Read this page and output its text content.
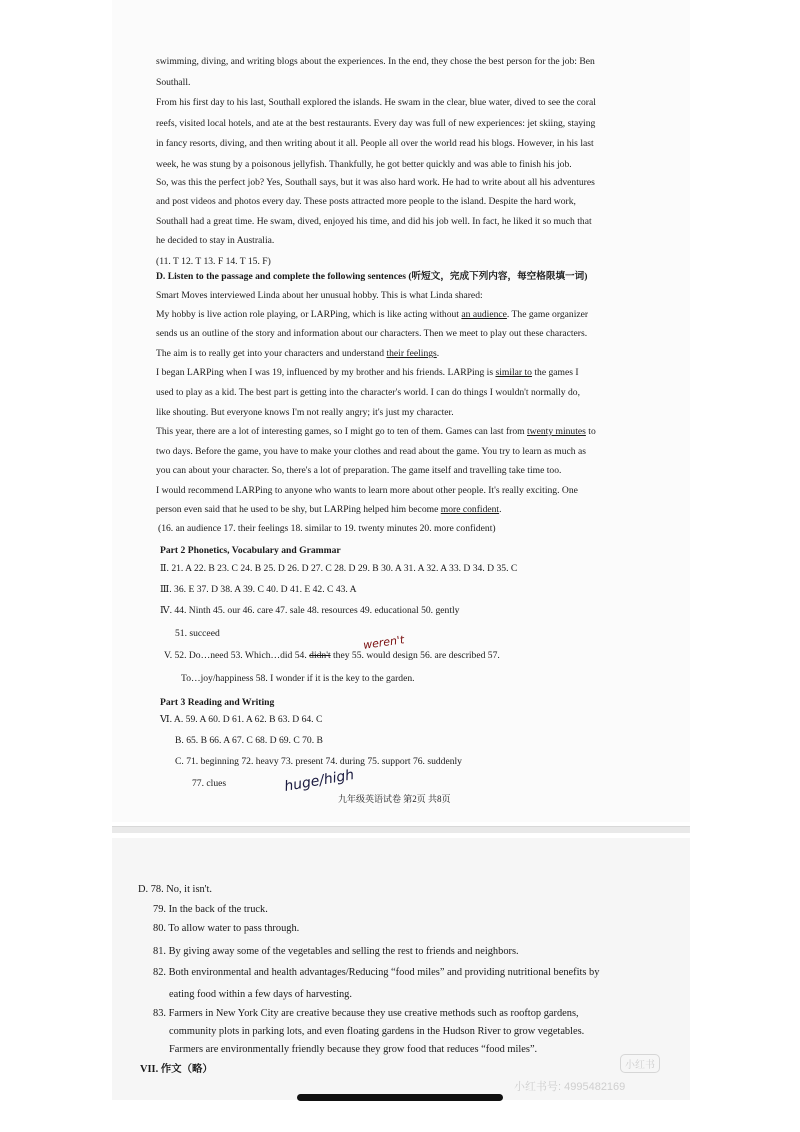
swimming, diving, and writing blogs about the experiences. In the end, they chose the best person for the job: Ben
Southall.
From his first day to his last, Southall explored the islands. He swam in the clear, blue water, dived to see the coral
reefs, visited local hotels, and ate at the best restaurants. Every day was full of new experiences: jet skiing, staying
in fancy resorts, diving, and then writing about it all. People all over the world read his blogs. However, in his last
week, he was stung by a poisonous jellyfish. Thankfully, he got better quickly and was able to finish his job.
So, was this the perfect job? Yes, Southall says, but it was also hard work. He had to write about all his adventures
and post videos and photos every day. These posts attracted more people to the island. Despite the hard work,
Southall had a great time. He swam, dived, enjoyed his time, and did his job well. In fact, he liked it so much that
he decided to stay in Australia.
(11. T 12. T 13. F 14. T 15. F)
D. Listen to the passage and complete the following sentences (听短文，完成下列内容，每空格限填一词)
Smart Moves interviewed Linda about her unusual hobby. This is what Linda shared:
My hobby is live action role playing, or LARPing, which is like acting without an audience. The game organizer
sends us an outline of the story and information about our characters. Then we meet to play out these characters.
The aim is to really get into your characters and understand their feelings.
I began LARPing when I was 19, influenced by my brother and his friends. LARPing is similar to the games I
used to play as a kid. The best part is getting into the character's world. I can do things I wouldn't normally do,
like shouting. But everyone knows I'm not really angry; it's just my character.
This year, there are a lot of interesting games, so I might go to ten of them. Games can last from twenty minutes to
two days. Before the game, you have to make your clothes and read about the game. You try to learn as much as
you can about your character. So, there's a lot of preparation. The game itself and travelling take time too.
I would recommend LARPing to anyone who wants to learn more about other people. It's really exciting. One
person even said that he used to be shy, but LARPing helped him become more confident.
(16. an audience 17. their feelings 18. similar to 19. twenty minutes 20. more confident)
Part 2 Phonetics, Vocabulary and Grammar
Ⅱ. 21. A 22. B 23. C 24. B 25. D 26. D 27. C 28. D 29. B 30. A 31. A 32. A 33. D 34. D 35. C
Ⅲ. 36. E 37. D 38. A 39. C 40. D 41. E 42. C 43. A
Ⅳ. 44. Ninth 45. our 46. care 47. sale 48. resources 49. educational 50. gently
51. succeed
V. 52. Do…need 53. Which…did 54. didn't they 55. would design 56. are described 57.
weren't
To…joy/happiness 58. I wonder if it is the key to the garden.
Part 3 Reading and Writing
Ⅵ. A. 59. A 60. D 61. A 62. B 63. D 64. C
B. 65. B 66. A 67. C 68. D 69. C 70. B
C. 71. beginning 72. heavy 73. present 74. during 75. support 76. suddenly
77. clues	huge/high
九年级英语试卷 第2页 共8页
D. 78. No, it isn't.
79. In the back of the truck.
80. To allow water to pass through.
81. By giving away some of the vegetables and selling the rest to friends and neighbors.
82. Both environmental and health advantages/Reducing “food miles” and providing nutritional benefits by
eating food within a few days of harvesting.
83. Farmers in New York City are creative because they use creative methods such as rooftop gardens,
community plots in parking lots, and even floating gardens in the Hudson River to grow vegetables.
Farmers are environmentally friendly because they grow food that reduces “food miles”.
VII. 作文（略）	小红书
小红书号: 4995482169
